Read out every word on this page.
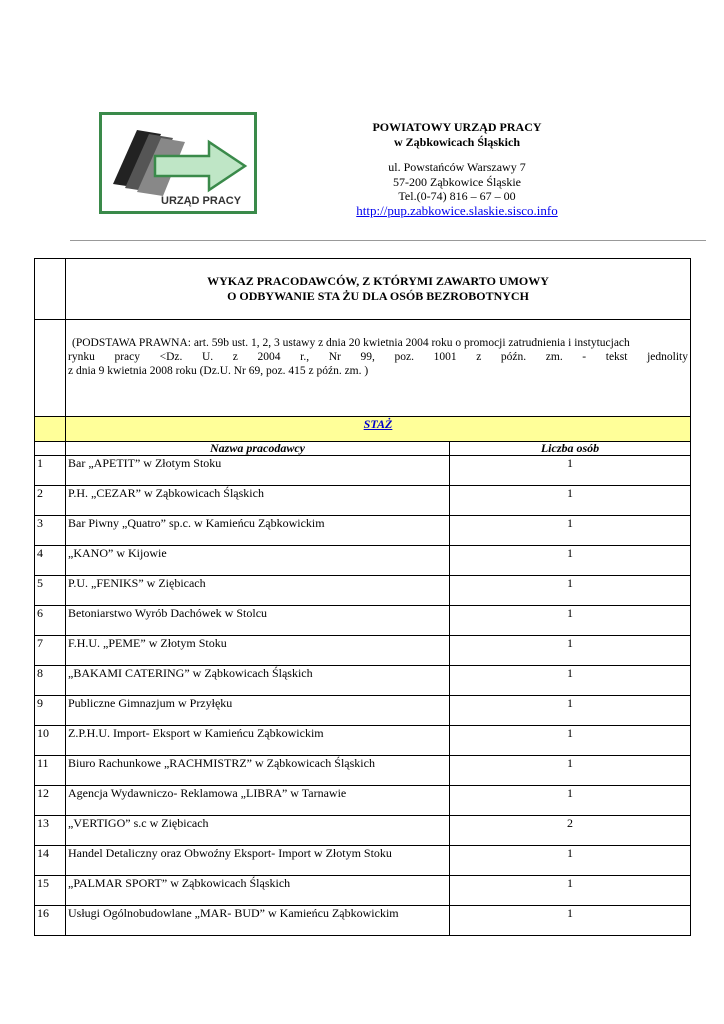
URZĄD PRACY
POWIATOWY URZĄD PRACY
w Ząbkowicach Śląskich
ul. Powstańców Warszawy 7
57-200 Ząbkowice Śląskie
Tel.(0-74) 816 – 67 – 00
http://pup.zabkowice.slaskie.sisco.info

	WYKAZ PRACODAWCÓW, Z KTÓRYMI ZAWARTO UMOWY
O ODBYWANIE STA ŻU DLA OSÓB BEZROBOTNYCH	

	(PODSTAWA PRAWNA: art. 59b ust. 1, 2, 3 ustawy z dnia 20 kwietnia 2004 roku o promocji zatrudnienia i instytucjach
rynku pracy <Dz. U. z 2004 r., Nr 99, poz. 1001 z późn. zm. - tekst jednolity
z dnia 9 kwietnia 2008 roku (Dz.U. Nr 69, poz. 415 z późn. zm. )	

	STAŻ	
	Nazwa pracodawcy	Liczba osób
1	Bar „APETIT” w Złotym Stoku	1
2	P.H. „CEZAR” w Ząbkowicach Śląskich	1
3	Bar Piwny „Quatro” sp.c. w Kamieńcu Ząbkowickim	1
4	„KANO” w Kijowie	1
5	P.U. „FENIKS” w Ziębicach	1
6	Betoniarstwo Wyrób Dachówek w Stolcu	1
7	F.H.U. „PEME” w Złotym Stoku	1
8	„BAKAMI CATERING” w Ząbkowicach Śląskich	1
9	Publiczne Gimnazjum w Przyłęku	1
10	Z.P.H.U. Import- Eksport w Kamieńcu Ząbkowickim	1
11	Biuro Rachunkowe „RACHMISTRZ” w Ząbkowicach Śląskich	1
12	Agencja Wydawniczo- Reklamowa „LIBRA” w Tarnawie	1
13	„VERTIGO” s.c w Ziębicach	2
14	Handel Detaliczny oraz Obwoźny Eksport- Import w Złotym Stoku	1
15	„PALMAR SPORT” w Ząbkowicach Śląskich	1
16	Usługi Ogólnobudowlane „MAR- BUD” w Kamieńcu Ząbkowickim	1
